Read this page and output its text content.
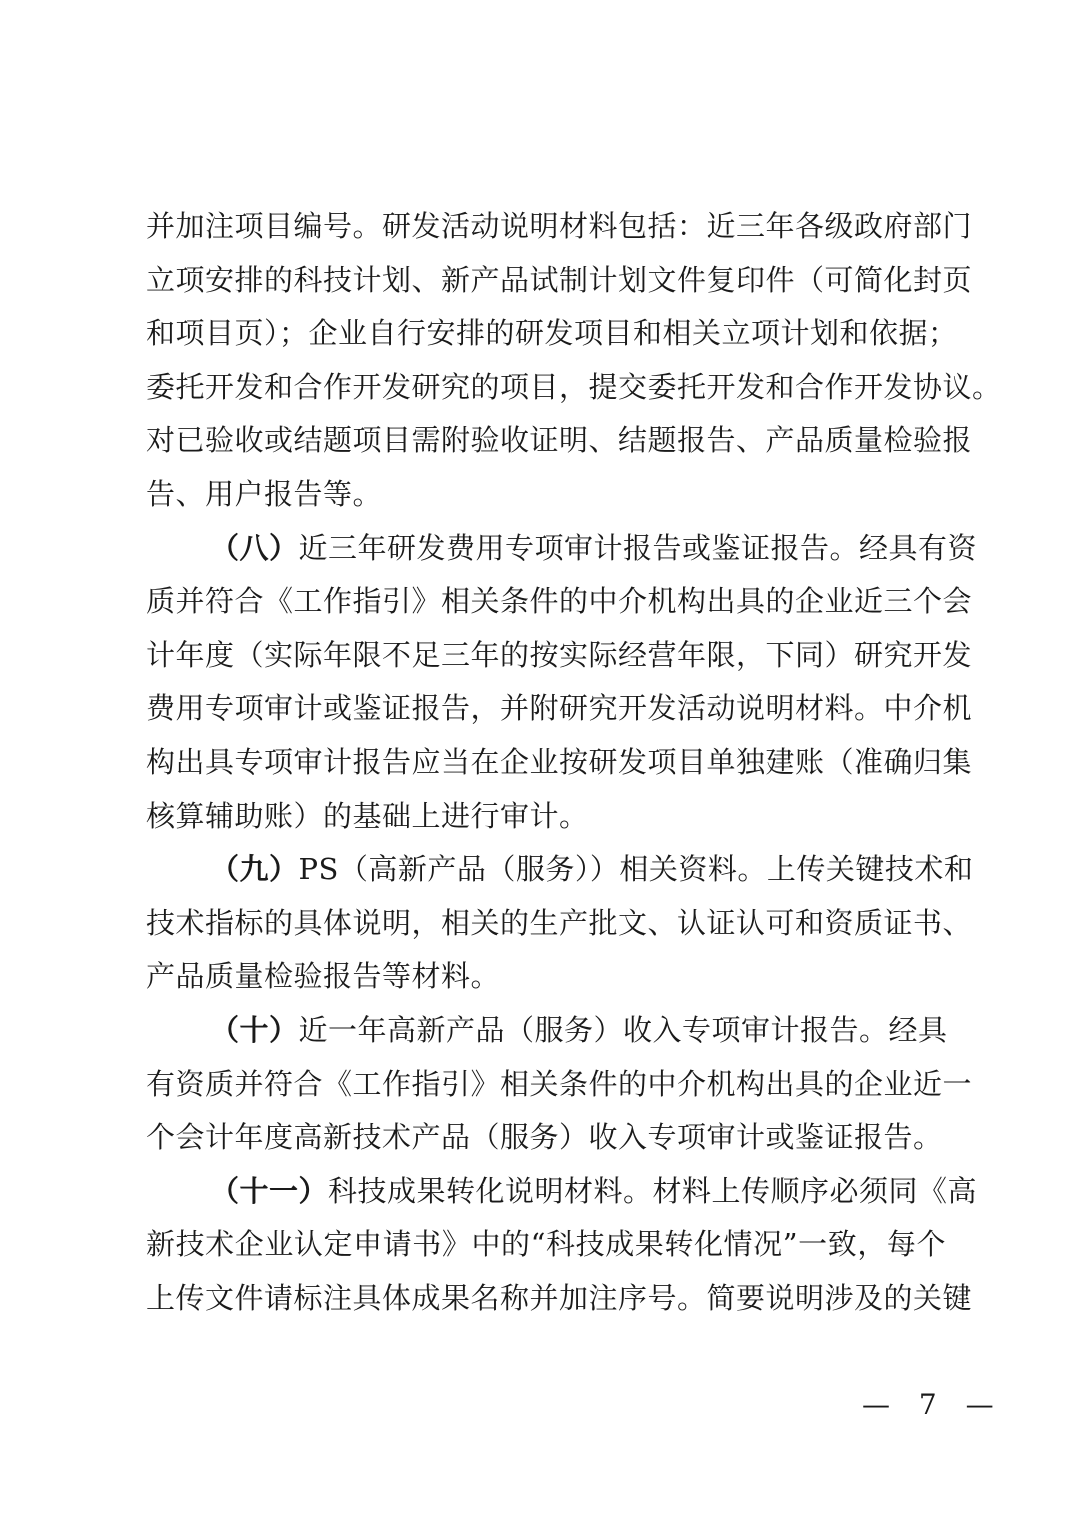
并加注项目编号。研发活动说明材料包括：近三年各级政府部门
立项安排的科技计划、新产品试制计划文件复印件（可简化封页
和项目页）；企业自行安排的研发项目和相关立项计划和依据；
委托开发和合作开发研究的项目，提交委托开发和合作开发协议。
对已验收或结题项目需附验收证明、结题报告、产品质量检验报
告、用户报告等。
（八）近三年研发费用专项审计报告或鉴证报告。经具有资
质并符合《工作指引》相关条件的中介机构出具的企业近三个会
计年度（实际年限不足三年的按实际经营年限，下同）研究开发
费用专项审计或鉴证报告，并附研究开发活动说明材料。中介机
构出具专项审计报告应当在企业按研发项目单独建账（准确归集
核算辅助账）的基础上进行审计。
（九）PS（高新产品（服务））相关资料。上传关键技术和
技术指标的具体说明，相关的生产批文、认证认可和资质证书、
产品质量检验报告等材料。
（十）近一年高新产品（服务）收入专项审计报告。经具
有资质并符合《工作指引》相关条件的中介机构出具的企业近一
个会计年度高新技术产品（服务）收入专项审计或鉴证报告。
（十一）科技成果转化说明材料。材料上传顺序必须同《高
新技术企业认定申请书》中的“科技成果转化情况”一致，每个
上传文件请标注具体成果名称并加注序号。简要说明涉及的关键
— 7 —
